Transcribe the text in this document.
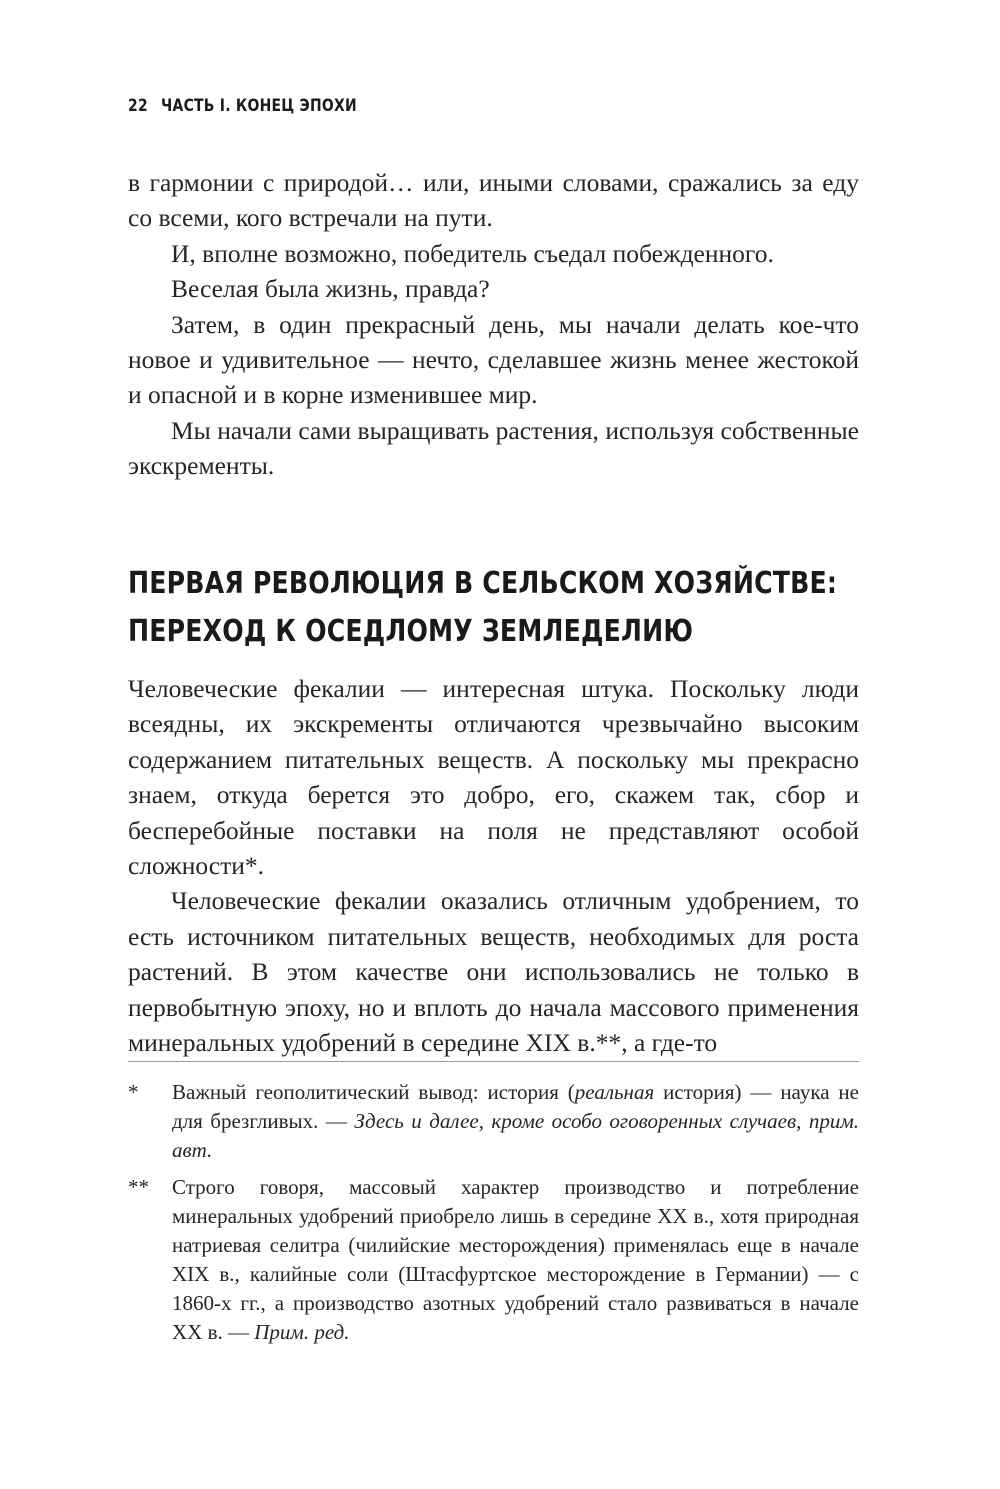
22 ЧАСТЬ I. КОНЕЦ ЭПОХИ

в гармонии с природой… или, иными словами, сражались за еду со всеми, кого встречали на пути.

И, вполне возможно, победитель съедал побежденного.

Веселая была жизнь, правда?

Затем, в один прекрасный день, мы начали делать кое-что новое и удивительное — нечто, сделавшее жизнь менее жестокой и опасной и в корне изменившее мир.

Мы начали сами выращивать растения, используя собственные экскременты.

ПЕРВАЯ РЕВОЛЮЦИЯ В СЕЛЬСКОМ ХОЗЯЙСТВЕ:
ПЕРЕХОД К ОСЕДЛОМУ ЗЕМЛЕДЕЛИЮ

Человеческие фекалии — интересная штука. Поскольку люди всеядны, их экскременты отличаются чрезвычайно высоким содержанием питательных веществ. А поскольку мы прекрасно знаем, откуда берется это добро, его, скажем так, сбор и бесперебойные поставки на поля не представляют особой сложности*.

Человеческие фекалии оказались отличным удобрением, то есть источником питательных веществ, необходимых для роста растений. В этом качестве они использовались не только в первобытную эпоху, но и вплоть до начала массового применения минеральных удобрений в середине XIX в.**, а где-то

*	Важный геополитический вывод: история (реальная история) — наука не для брезгливых. — Здесь и далее, кроме особо оговоренных случаев, прим. авт.
**	Строго говоря, массовый характер производство и потребление минеральных удобрений приобрело лишь в середине XX в., хотя природная натриевая селитра (чилийские месторождения) применялась еще в начале XIX в., калийные соли (Штасфуртское месторождение в Германии) — с 1860-х гг., а производство азотных удобрений стало развиваться в начале XX в. — Прим. ред.
